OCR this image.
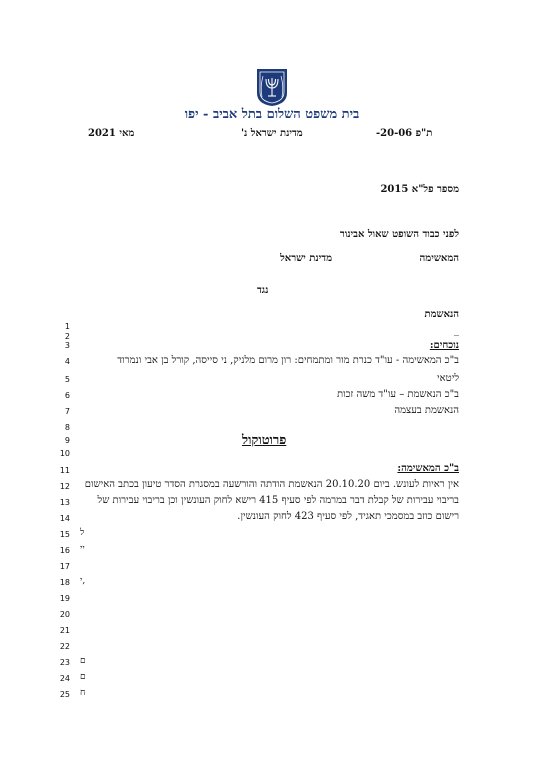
בית משפט השלום בתל אביב - יפו
ת"פ 20-06-
מדינת ישראל נ'
מאי 2021
מספר פל"א 2015
לפני כבוד השופט שאול אבינור
המאשימה
מדינת ישראל
נגד
הנאשמת
1
2
3
4
5
6
7
8
9
10
11
12
13
14
15
16
17
18
19
20
21
22
23
24
25
_
נוכחים:
ב"כ המאשימה - עו"ד כנרת מור ומתמחים: רון מרום מלניק, ני סייסה, קורל בן אבי ונמרוד
ליטאי
ב"כ הנאשמת – עו"ד משה זכות
הנאשמת בעצמה
פרוטוקול
ב"כ המאשימה:
אין ראיות לעונש. ביום 20.10.20 הנאשמת הודתה והורשעה במסגרת הסדר טיעון בכתב האישום
בריבוי עבירות של קבלת דבר במרמה לפי סעיף 415 רישא לחוק העונשין וכן בריבוי עבירות של
רישום כוזב במסמכי תאגיד, לפי סעיף 423 לחוק העונשין.
ל
יי
י,
ם
ם
ח
